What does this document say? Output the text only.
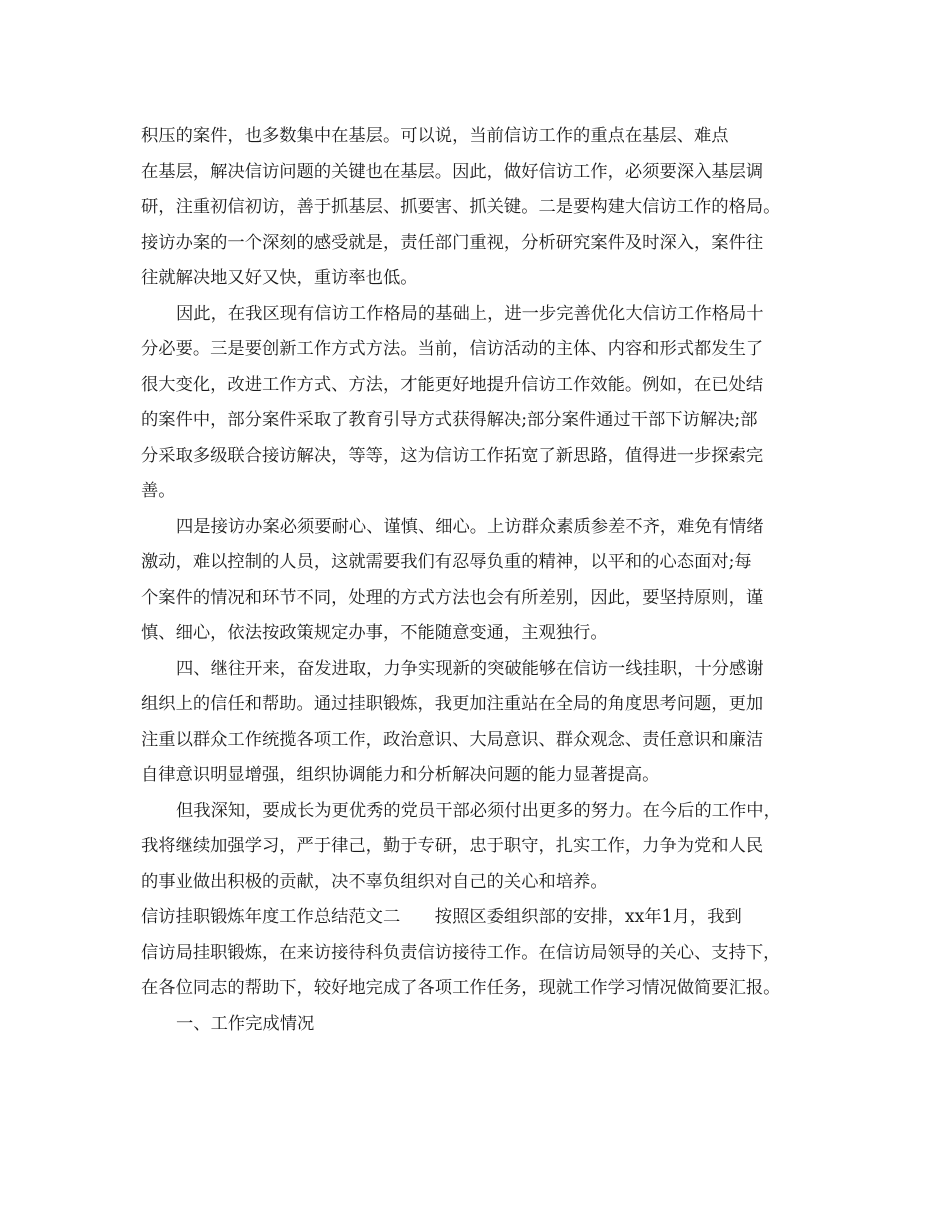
积压的案件，也多数集中在基层。可以说，当前信访工作的重点在基层、难点
在基层，解决信访问题的关键也在基层。因此，做好信访工作，必须要深入基层调
研，注重初信初访，善于抓基层、抓要害、抓关键。二是要构建大信访工作的格局。
接访办案的一个深刻的感受就是，责任部门重视，分析研究案件及时深入，案件往
往就解决地又好又快，重访率也低。
因此，在我区现有信访工作格局的基础上，进一步完善优化大信访工作格局十
分必要。三是要创新工作方式方法。当前，信访活动的主体、内容和形式都发生了
很大变化，改进工作方式、方法，才能更好地提升信访工作效能。例如，在已处结
的案件中，部分案件采取了教育引导方式获得解决;部分案件通过干部下访解决;部
分采取多级联合接访解决，等等，这为信访工作拓宽了新思路，值得进一步探索完
善。
四是接访办案必须要耐心、谨慎、细心。上访群众素质参差不齐，难免有情绪
激动，难以控制的人员，这就需要我们有忍辱负重的精神，以平和的心态面对;每
个案件的情况和环节不同，处理的方式方法也会有所差别，因此，要坚持原则，谨
慎、细心，依法按政策规定办事，不能随意变通，主观独行。
四、继往开来，奋发进取，力争实现新的突破能够在信访一线挂职，十分感谢
组织上的信任和帮助。通过挂职锻炼，我更加注重站在全局的角度思考问题，更加
注重以群众工作统揽各项工作，政治意识、大局意识、群众观念、责任意识和廉洁
自律意识明显增强，组织协调能力和分析解决问题的能力显著提高。
但我深知，要成长为更优秀的党员干部必须付出更多的努力。在今后的工作中，
我将继续加强学习，严于律己，勤于专研，忠于职守，扎实工作，力争为党和人民
的事业做出积极的贡献，决不辜负组织对自己的关心和培养。
信访挂职锻炼年度工作总结范文二　　按照区委组织部的安排，xx年1月，我到
信访局挂职锻炼，在来访接待科负责信访接待工作。在信访局领导的关心、支持下，
在各位同志的帮助下，较好地完成了各项工作任务，现就工作学习情况做简要汇报。
一、工作完成情况
